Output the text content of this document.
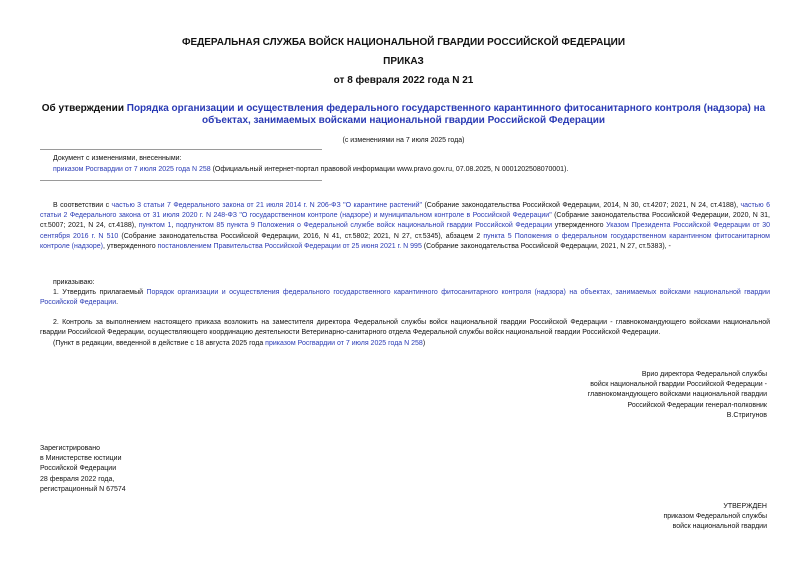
ФЕДЕРАЛЬНАЯ СЛУЖБА ВОЙСК НАЦИОНАЛЬНОЙ ГВАРДИИ РОССИЙСКОЙ ФЕДЕРАЦИИ
ПРИКАЗ
от 8 февраля 2022 года N 21
Об утверждении Порядка организации и осуществления федерального государственного карантинного фитосанитарного контроля (надзора) на объектах, занимаемых войсками национальной гвардии Российской Федерации
(с изменениями на 7 июля 2025 года)
Документ с изменениями, внесенными:
приказом Росгвардии от 7 июля 2025 года N 258 (Официальный интернет-портал правовой информации www.pravo.gov.ru, 07.08.2025, N 0001202508070001).
В соответствии с частью 3 статьи 7 Федерального закона от 21 июля 2014 г. N 206-ФЗ "О карантине растений" (Собрание законодательства Российской Федерации, 2014, N 30, ст.4207; 2021, N 24, ст.4188), частью 6 статьи 2 Федерального закона от 31 июля 2020 г. N 248-ФЗ "О государственном контроле (надзоре) и муниципальном контроле в Российской Федерации" (Собрание законодательства Российской Федерации, 2020, N 31, ст.5007; 2021, N 24, ст.4188), пунктом 1, подпунктом 85 пункта 9 Положения о Федеральной службе войск национальной гвардии Российской Федерации утвержденного Указом Президента Российской Федерации от 30 сентября 2016 г. N 510 (Собрание законодательства Российской Федерации, 2016, N 41, ст.5802; 2021, N 27, ст.5345), абзацем 2 пункта 5 Положения о федеральном государственном карантинном фитосанитарном контроле (надзоре), утвержденного постановлением Правительства Российской Федерации от 25 июня 2021 г. N 995 (Собрание законодательства Российской Федерации, 2021, N 27, ст.5383), -
приказываю:
1. Утвердить прилагаемый Порядок организации и осуществления федерального государственного карантинного фитосанитарного контроля (надзора) на объектах, занимаемых войсками национальной гвардии Российской Федерации.
2. Контроль за выполнением настоящего приказа возложить на заместителя директора Федеральной службы войск национальной гвардии Российской Федерации - главнокомандующего войсками национальной гвардии Российской Федерации, осуществляющего координацию деятельности Ветеринарно-санитарного отдела Федеральной службы войск национальной гвардии Российской Федерации.
(Пункт в редакции, введенной в действие с 18 августа 2025 года приказом Росгвардии от 7 июля 2025 года N 258)
Врио директора Федеральной службы
войск национальной гвардии Российской Федерации -
главнокомандующего войсками национальной гвардии
Российской Федерации генерал-полковник
В.Стригунов
Зарегистрировано
в Министерстве юстиции
Российской Федерации
28 февраля 2022 года,
регистрационный N 67574
УТВЕРЖДЕН
приказом Федеральной службы
войск национальной гвардии
